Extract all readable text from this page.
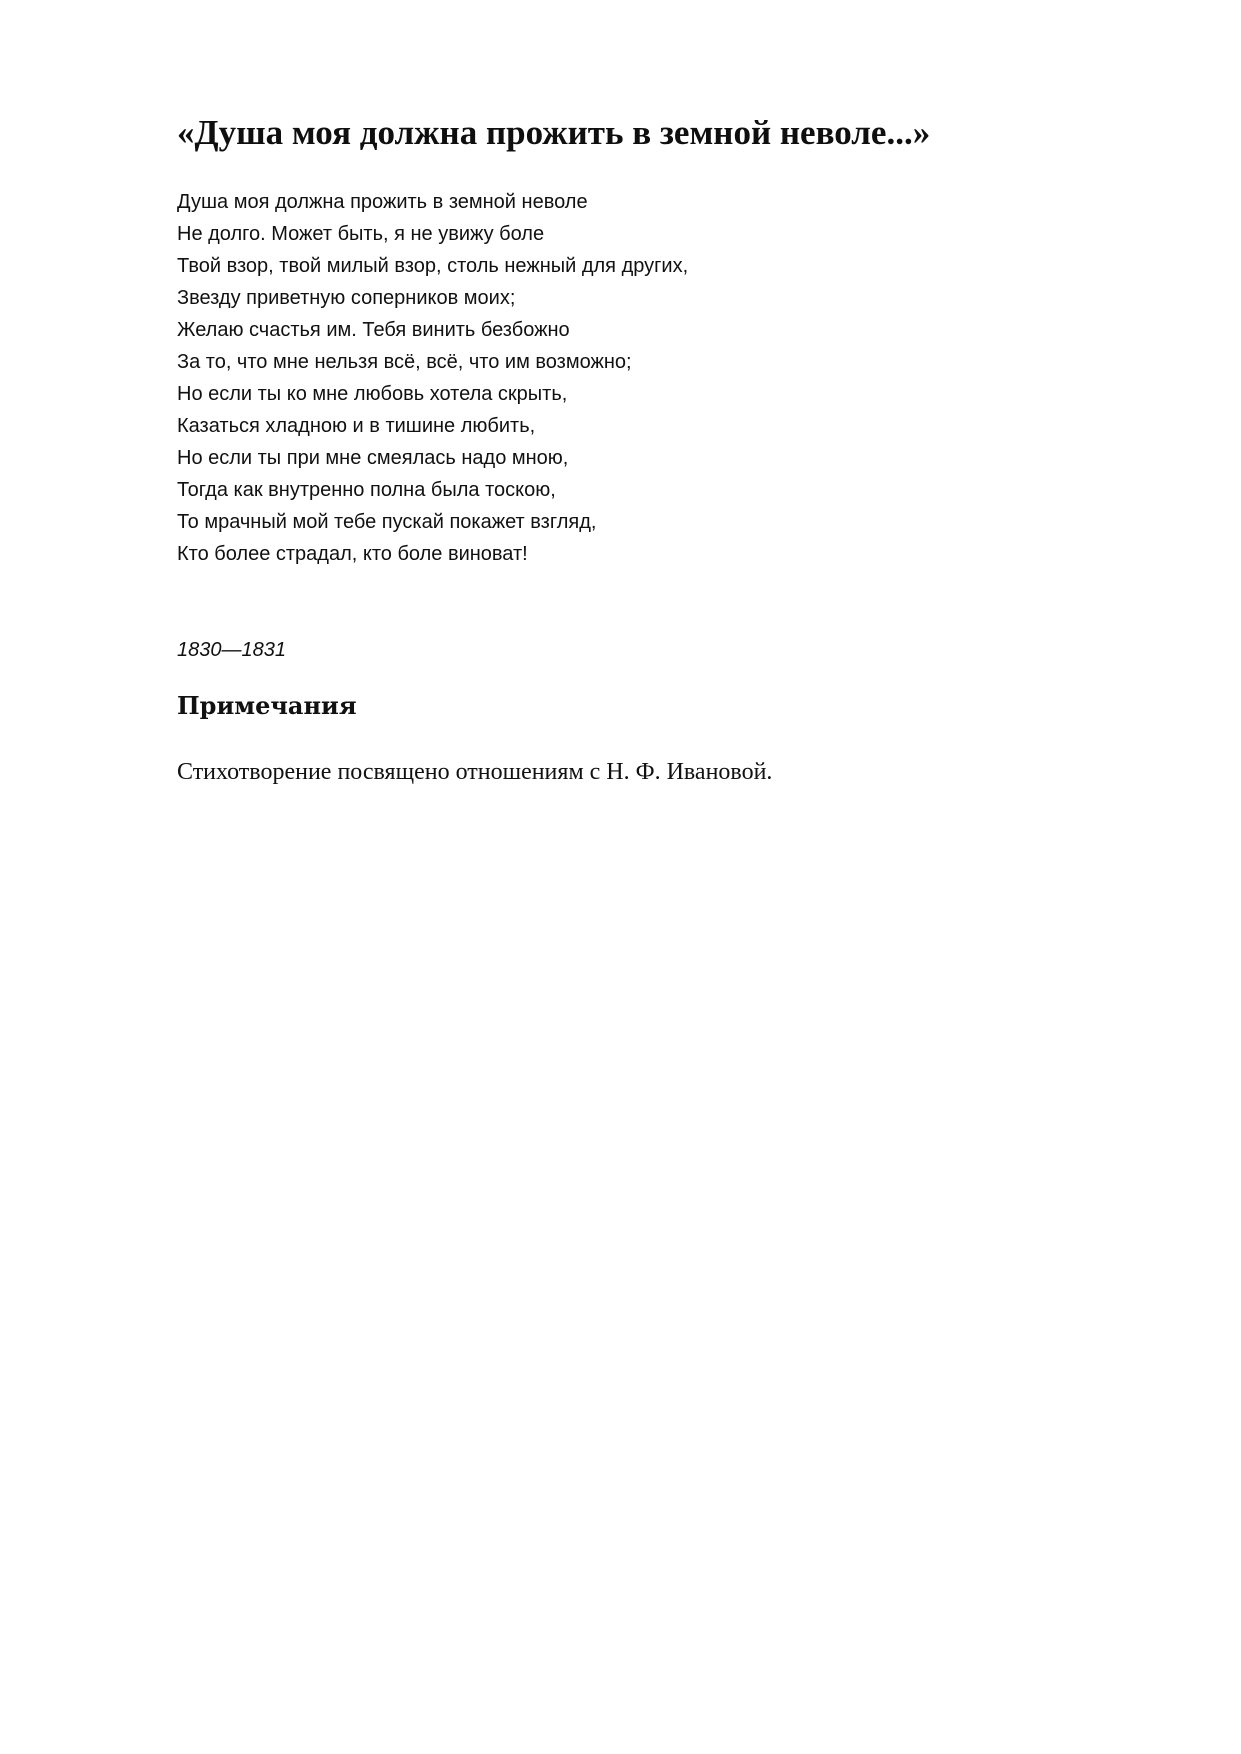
«Душа моя должна прожить в земной неволе...»
Душа моя должна прожить в земной неволе
Не долго. Может быть, я не увижу боле
Твой взор, твой милый взор, столь нежный для других,
Звезду приветную соперников моих;
Желаю счастья им. Тебя винить безбожно
За то, что мне нельзя всё, всё, что им возможно;
Но если ты ко мне любовь хотела скрыть,
Казаться хладною и в тишине любить,
Но если ты при мне смеялась надо мною,
Тогда как внутренно полна была тоскою,
То мрачный мой тебе пускай покажет взгляд,
Кто более страдал, кто боле виноват!

1830—1831

Примечания

Стихотворение посвящено отношениям с Н. Ф. Ивановой.
